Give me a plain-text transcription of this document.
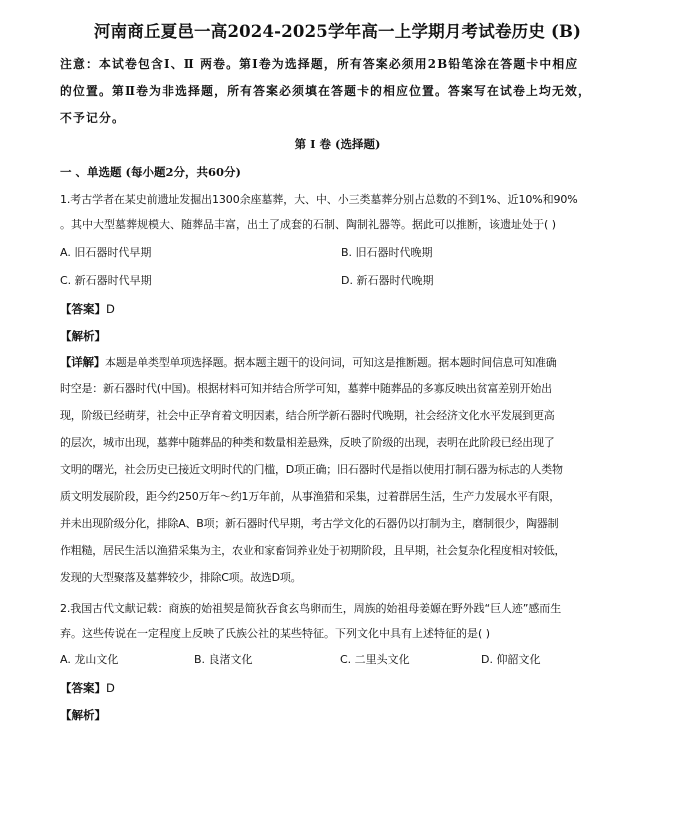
河南商丘夏邑一高2024-2025学年高一上学期月考试卷历史 (B)
注意：本试卷包含Ⅰ、Ⅱ 两卷。第Ⅰ卷为选择题，所有答案必须用2B铅笔涂在答题卡中相应
的位置。第Ⅱ卷为非选择题，所有答案必须填在答题卡的相应位置。答案写在试卷上均无效，
不予记分。
第 Ⅰ 卷 (选择题)
一 、单选题 (每小题2分，共60分)
1.考古学者在某史前遗址发掘出1300余座墓葬，大、中、小三类墓葬分别占总数的不到1%、近10%和90%
。其中大型墓葬规模大、随葬品丰富，出土了成套的石制、陶制礼器等。据此可以推断，该遗址处于( )
A. 旧石器时代早期	B. 旧石器时代晚期
C. 新石器时代早期	D. 新石器时代晚期
【答案】D
【解析】
【详解】本题是单类型单项选择题。据本题主题干的设问词，可知这是推断题。据本题时间信息可知准确
时空是：新石器时代(中国)。根据材料可知并结合所学可知，墓葬中随葬品的多寡反映出贫富差别开始出
现，阶级已经萌芽，社会中正孕育着文明因素，结合所学新石器时代晚期，社会经济文化水平发展到更高
的层次，城市出现，墓葬中随葬品的种类和数量相差悬殊，反映了阶级的出现，表明在此阶段已经出现了
文明的曙光，社会历史已接近文明时代的门槛，D项正确；旧石器时代是指以使用打制石器为标志的人类物
质文明发展阶段，距今约250万年～约1万年前，从事渔猎和采集，过着群居生活，生产力发展水平有限，
并未出现阶级分化，排除A、B项；新石器时代早期，考古学文化的石器仍以打制为主，磨制很少，陶器制
作粗糙，居民生活以渔猎采集为主，农业和家畜饲养业处于初期阶段，且早期，社会复杂化程度相对较低，
发现的大型聚落及墓葬较少，排除C项。故选D项。
2.我国古代文献记载：商族的始祖契是简狄吞食玄鸟卵而生，周族的始祖母姜嫄在野外践“巨人迹”感而生
弃。这些传说在一定程度上反映了氏族公社的某些特征。下列文化中具有上述特征的是( )
A. 龙山文化	B. 良渚文化	C. 二里头文化	D. 仰韶文化
【答案】D
【解析】
